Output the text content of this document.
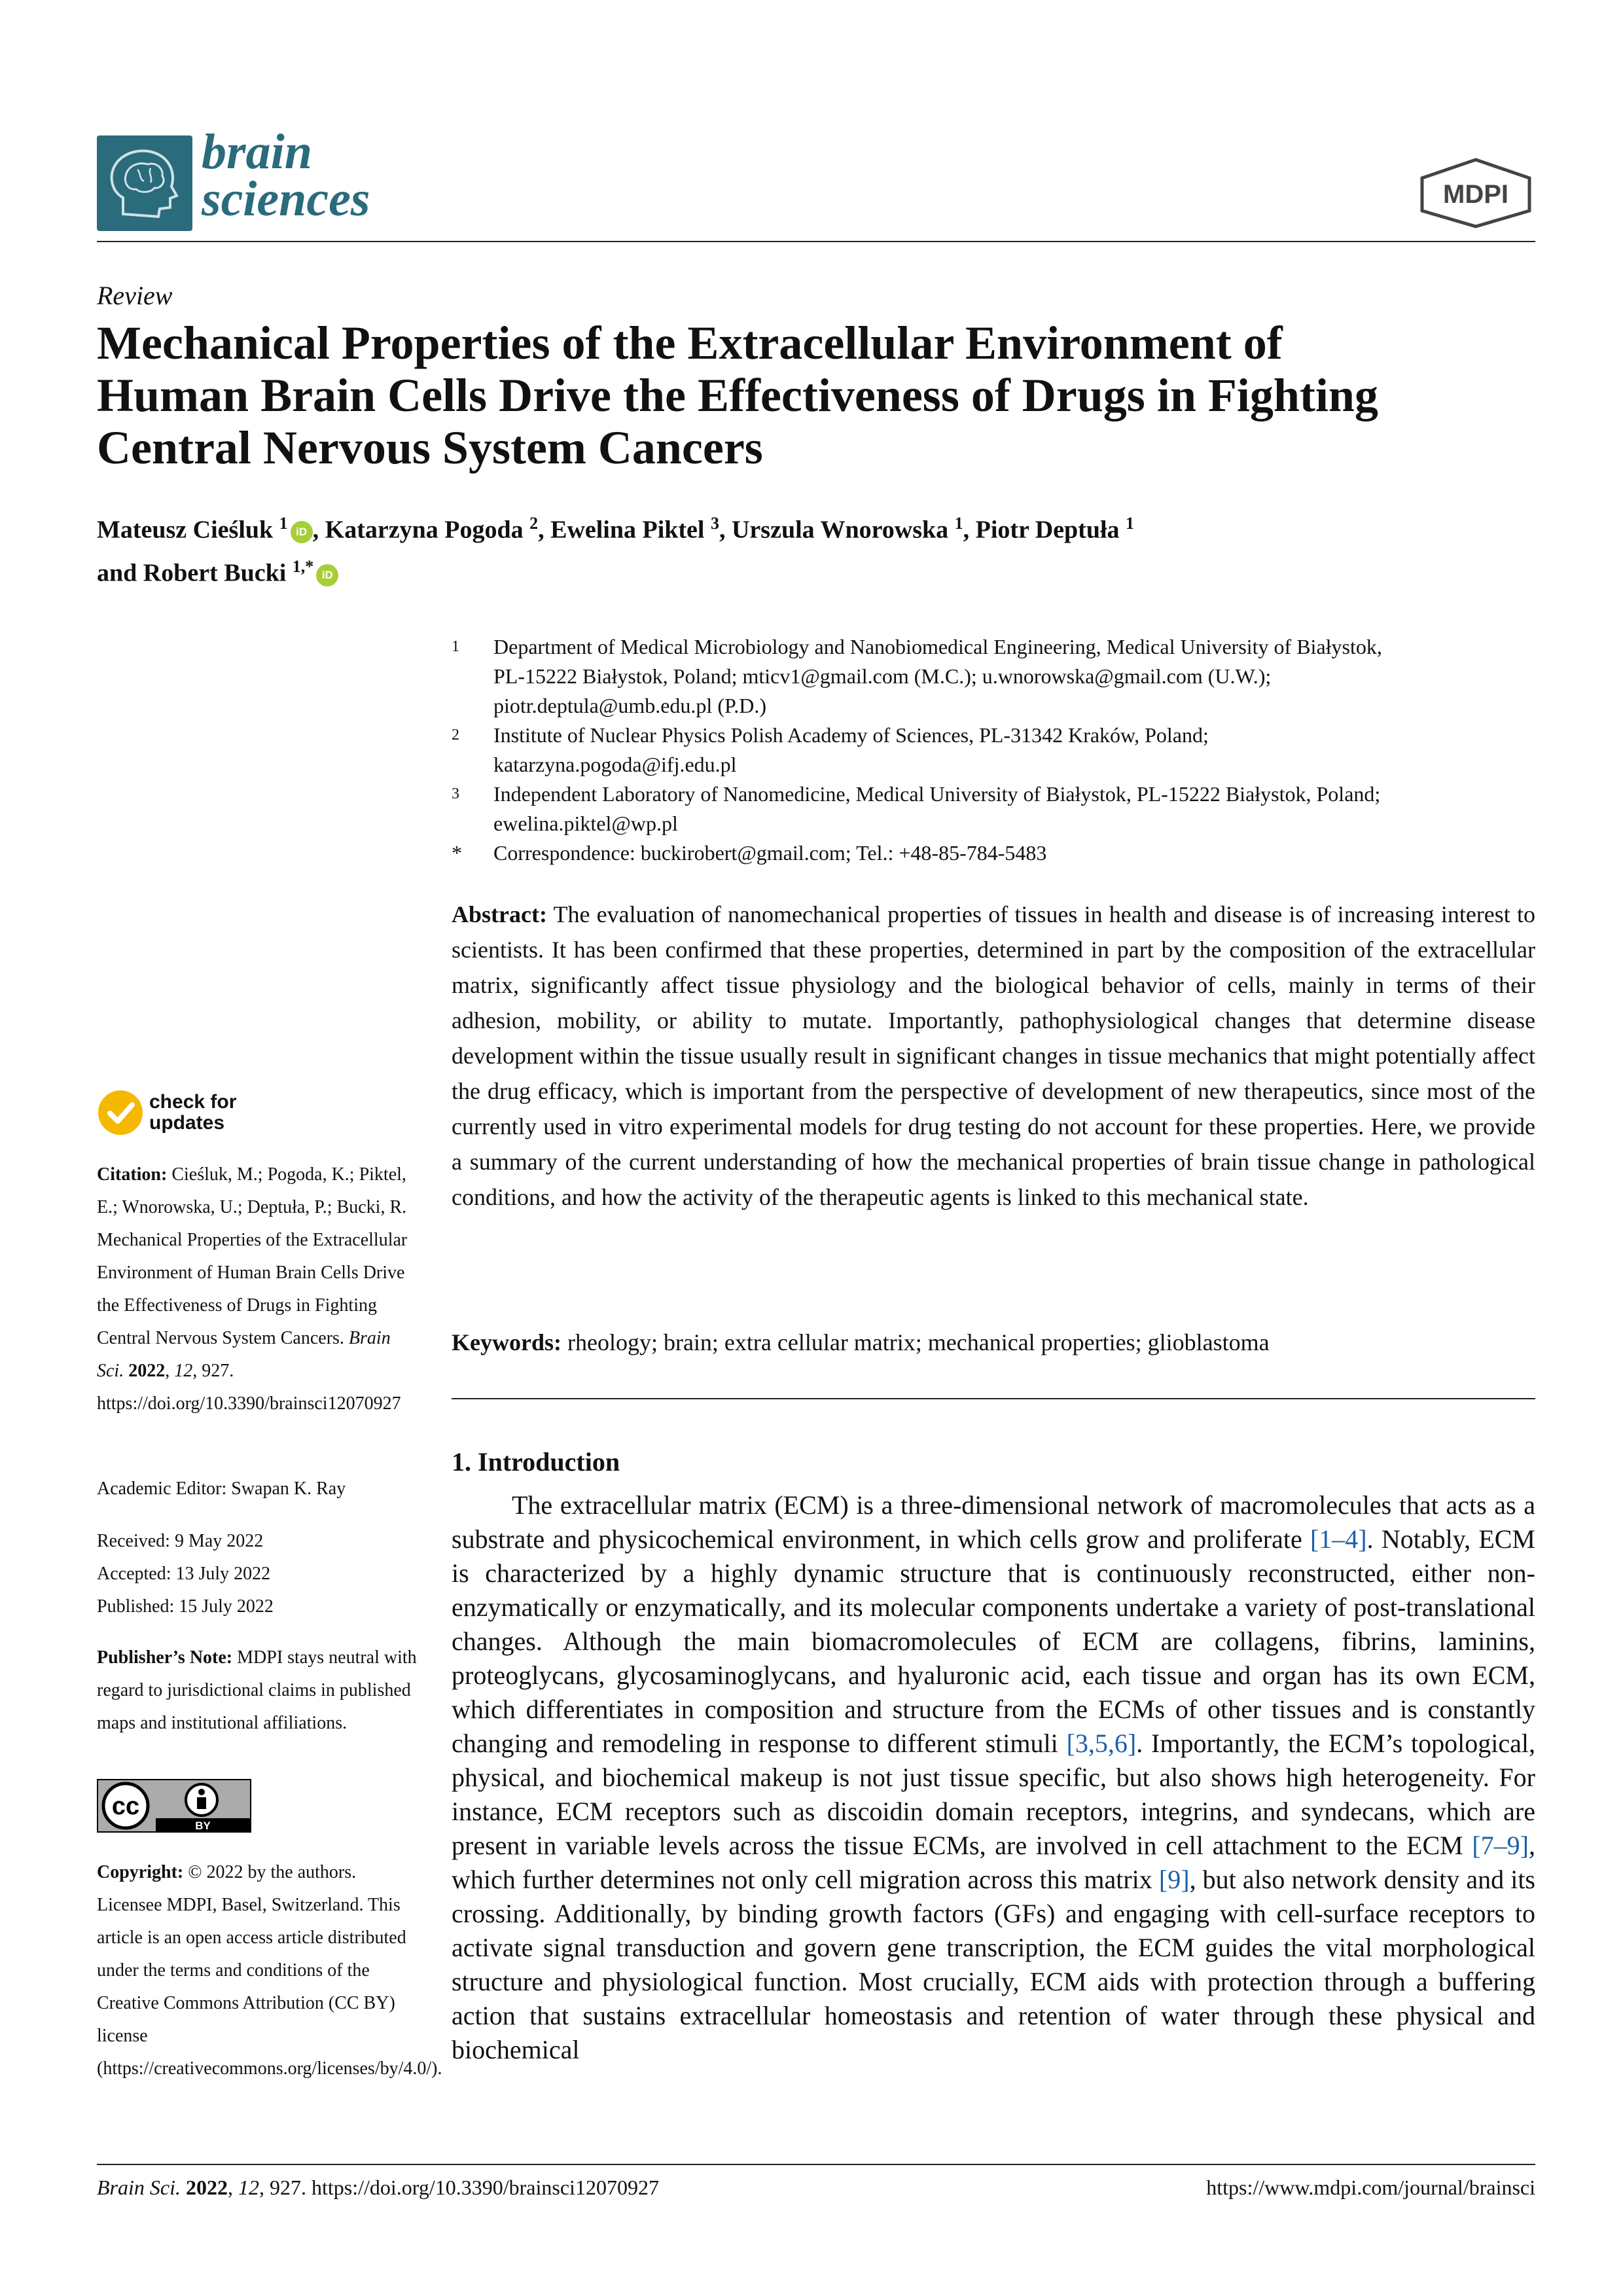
brain
sciences	MDPI
Review
Mechanical Properties of the Extracellular Environment of
Human Brain Cells Drive the Effectiveness of Drugs in Fighting
Central Nervous System Cancers
Mateusz Cieśluk $^1$ iD , Katarzyna Pogoda $^2$, Ewelina Piktel $^3$, Urszula Wnorowska $^1$, Piotr Deptuła $^1$
and Robert Bucki $^{1,*}$ iD
1 Department of Medical Microbiology and Nanobiomedical Engineering, Medical University of Białystok,
PL-15222 Białystok, Poland; mticv1@gmail.com (M.C.); u.wnorowska@gmail.com (U.W.);
piotr.deptula@umb.edu.pl (P.D.)
2 Institute of Nuclear Physics Polish Academy of Sciences, PL-31342 Kraków, Poland;
katarzyna.pogoda@ifj.edu.pl
3 Independent Laboratory of Nanomedicine, Medical University of Białystok, PL-15222 Białystok, Poland;
ewelina.piktel@wp.pl
* Correspondence: buckirobert@gmail.com; Tel.: +48-85-784-5483
Abstract: The evaluation of nanomechanical properties of tissues in health and disease is of increasing interest to scientists. It has been confirmed that these properties, determined in part by the composition of the extracellular matrix, significantly affect tissue physiology and the biological behavior of cells, mainly in terms of their adhesion, mobility, or ability to mutate. Importantly, pathophysiological changes that determine disease development within the tissue usually result in significant changes in tissue mechanics that might potentially affect the drug efficacy, which is important from the perspective of development of new therapeutics, since most of the currently used in vitro experimental models for drug testing do not account for these properties. Here, we provide a summary of the current understanding of how the mechanical properties of brain tissue change in pathological conditions, and how the activity of the therapeutic agents is linked to this mechanical state.
Keywords: rheology; brain; extra cellular matrix; mechanical properties; glioblastoma
1. Introduction

The extracellular matrix (ECM) is a three-dimensional network of macromolecules that acts as a substrate and physicochemical environment, in which cells grow and proliferate [1–4]. Notably, ECM is characterized by a highly dynamic structure that is continuously reconstructed, either non-enzymatically or enzymatically, and its molecular components undertake a variety of post-translational changes. Although the main biomacromolecules of ECM are collagens, fibrins, laminins, proteoglycans, glycosaminoglycans, and hyaluronic acid, each tissue and organ has its own ECM, which differentiates in composition and structure from the ECMs of other tissues and is constantly changing and remodeling in response to different stimuli [3,5,6]. Importantly, the ECM’s topological, physical, and biochemical makeup is not just tissue specific, but also shows high heterogeneity. For instance, ECM receptors such as discoidin domain receptors, integrins, and syndecans, which are present in variable levels across the tissue ECMs, are involved in cell attachment to the ECM [7–9], which further determines not only cell migration across this matrix [9], but also network density and its crossing. Additionally, by binding growth factors (GFs) and engaging with cell-surface receptors to activate signal transduction and govern gene transcription, the ECM guides the vital morphological structure and physiological function. Most crucially, ECM aids with protection through a buffering action that sustains extracellular homeostasis and retention of water through these physical and biochemical

check for
updates
Citation: Cieśluk, M.; Pogoda, K.; Piktel, E.; Wnorowska, U.; Deptuła, P.; Bucki, R. Mechanical Properties of the Extracellular Environment of Human Brain Cells Drive the Effectiveness of Drugs in Fighting Central Nervous System Cancers. Brain Sci. 2022, 12, 927. https://doi.org/10.3390/brainsci12070927
Academic Editor: Swapan K. Ray
Received: 9 May 2022
Accepted: 13 July 2022
Published: 15 July 2022
Publisher’s Note: MDPI stays neutral with regard to jurisdictional claims in published maps and institutional affiliations.
cc
BY
Copyright: © 2022 by the authors. Licensee MDPI, Basel, Switzerland. This article is an open access article distributed under the terms and conditions of the Creative Commons Attribution (CC BY) license (https://creativecommons.org/licenses/by/4.0/).
Brain Sci. 2022, 12, 927. https://doi.org/10.3390/brainsci12070927	https://www.mdpi.com/journal/brainsci
